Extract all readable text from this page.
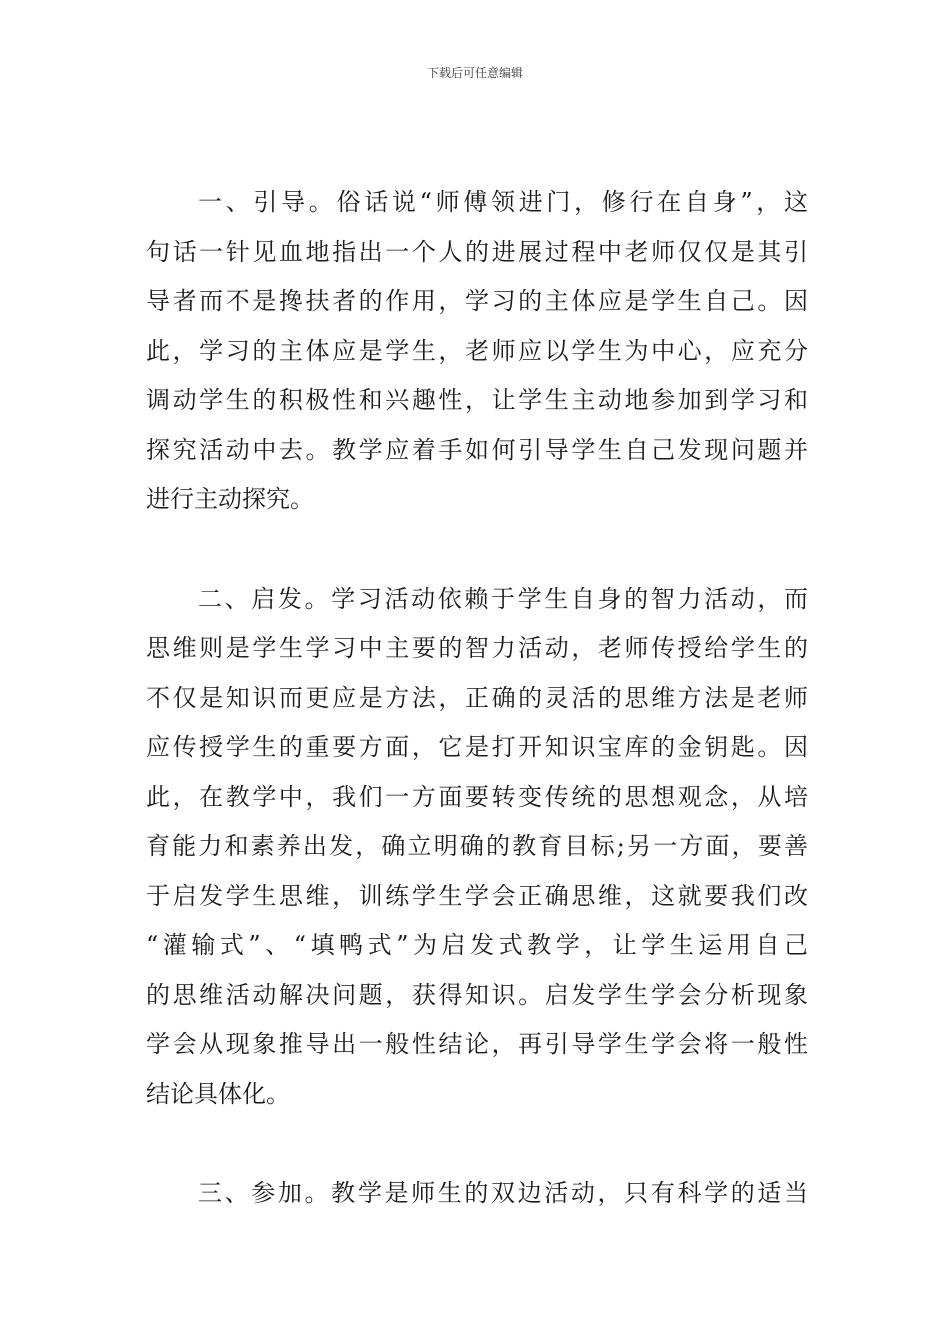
下载后可任意编辑
一、引导。俗话说“师傅领进门，修行在自身”，这
句话一针见血地指出一个人的进展过程中老师仅仅是其引
导者而不是搀扶者的作用，学习的主体应是学生自己。因
此，学习的主体应是学生，老师应以学生为中心，应充分
调动学生的积极性和兴趣性，让学生主动地参加到学习和
探究活动中去。教学应着手如何引导学生自己发现问题并
进行主动探究。
二、启发。学习活动依赖于学生自身的智力活动，而
思维则是学生学习中主要的智力活动，老师传授给学生的
不仅是知识而更应是方法，正确的灵活的思维方法是老师
应传授学生的重要方面，它是打开知识宝库的金钥匙。因
此，在教学中，我们一方面要转变传统的思想观念，从培
育能力和素养出发，确立明确的教育目标;另一方面，要善
于启发学生思维，训练学生学会正确思维，这就要我们改
“灌输式”、“填鸭式”为启发式教学，让学生运用自己
的思维活动解决问题，获得知识。启发学生学会分析现象
学会从现象推导出一般性结论，再引导学生学会将一般性
结论具体化。
三、参加。教学是师生的双边活动，只有科学的适当
